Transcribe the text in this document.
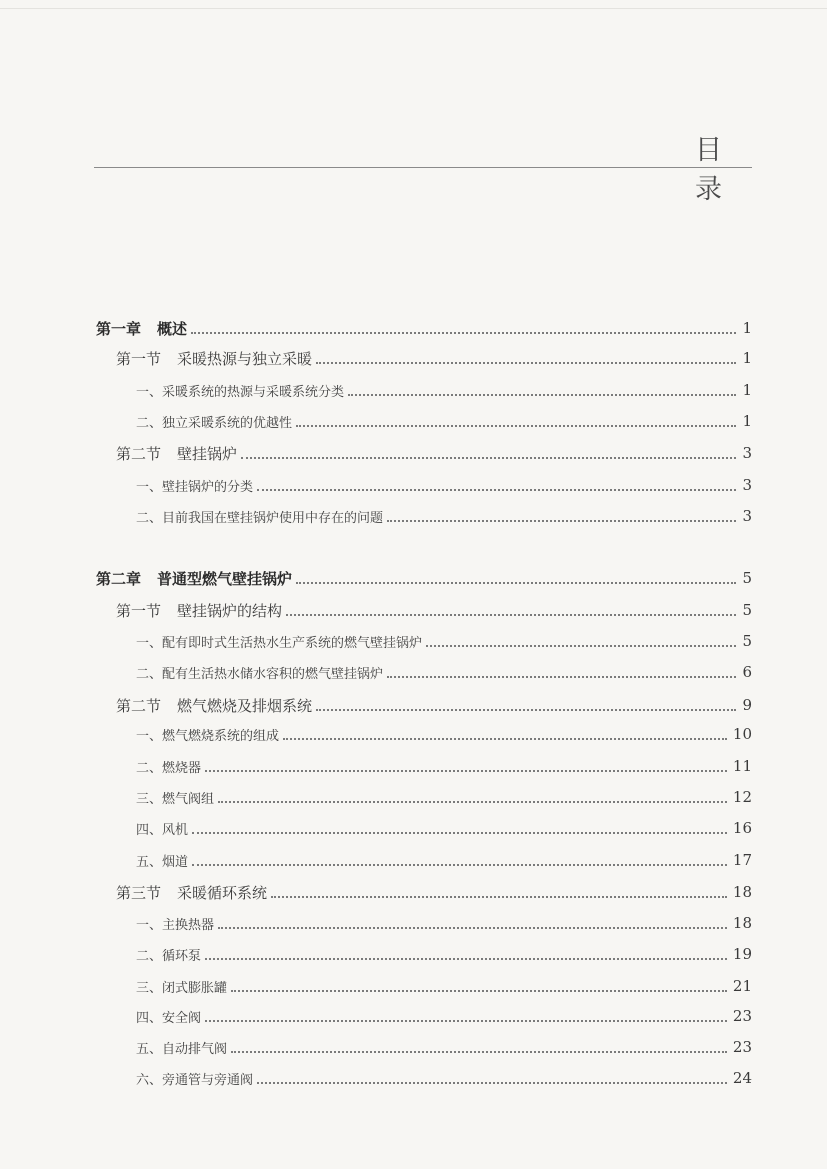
目 录
第一章 概述	1
第一节 采暖热源与独立采暖	1
一、采暖系统的热源与采暖系统分类	1
二、独立采暖系统的优越性	1
第二节 壁挂锅炉	3
一、壁挂锅炉的分类	3
二、目前我国在壁挂锅炉使用中存在的问题	3
第二章 普通型燃气壁挂锅炉	5
第一节 壁挂锅炉的结构	5
一、配有即时式生活热水生产系统的燃气壁挂锅炉	5
二、配有生活热水储水容积的燃气壁挂锅炉	6
第二节 燃气燃烧及排烟系统	9
一、燃气燃烧系统的组成	10
二、燃烧器	11
三、燃气阀组	12
四、风机	16
五、烟道	17
第三节 采暖循环系统	18
一、主换热器	18
二、循环泵	19
三、闭式膨胀罐	21
四、安全阀	23
五、自动排气阀	23
六、旁通管与旁通阀	24
